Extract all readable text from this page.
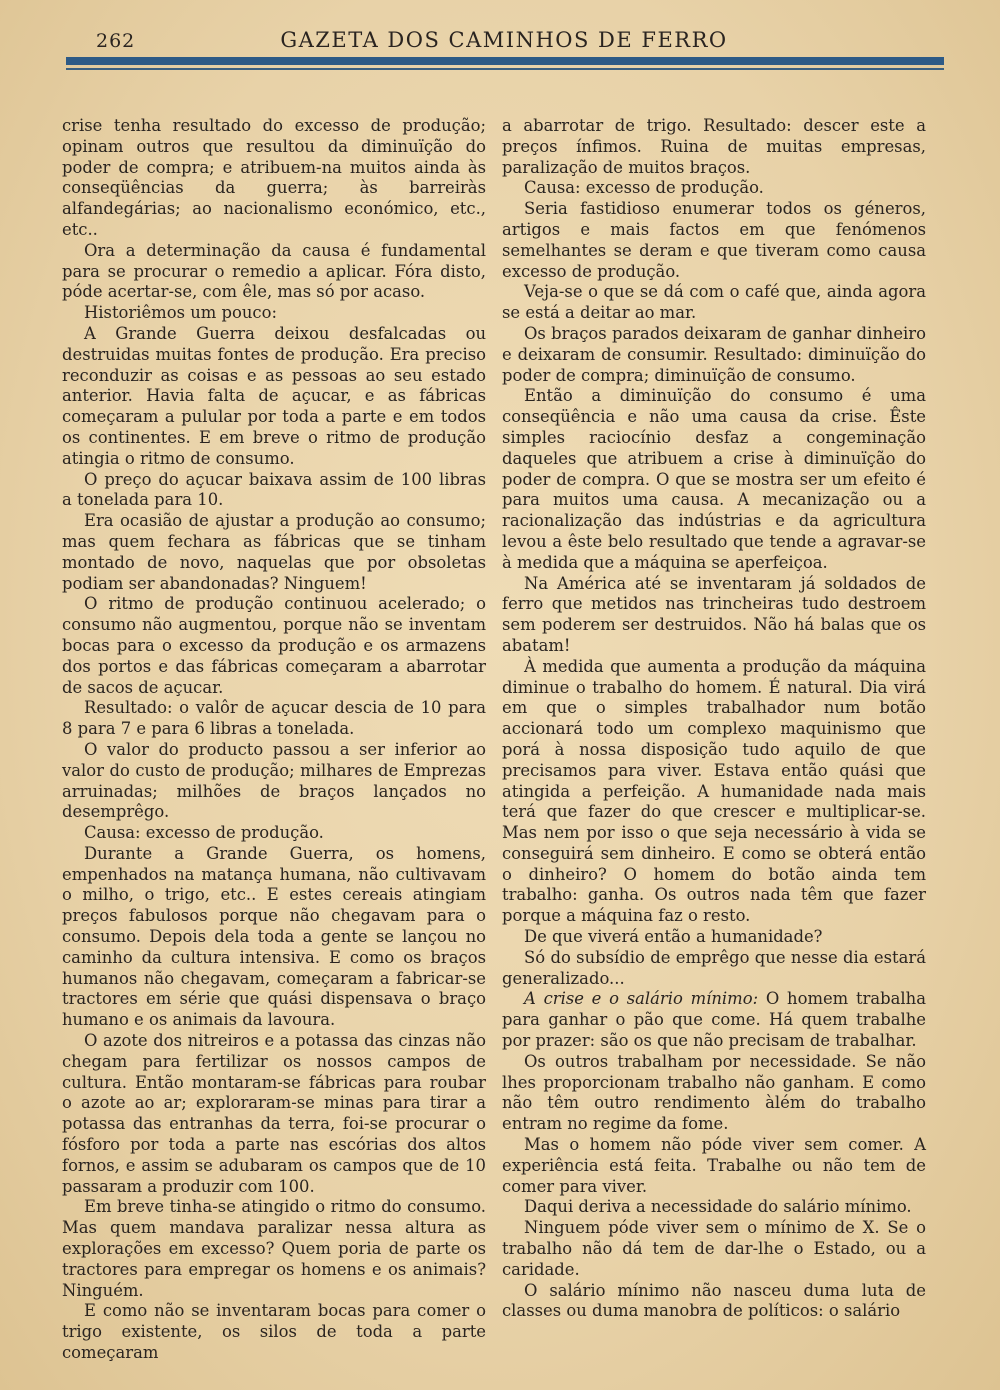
262	GAZETA DOS CAMINHOS DE FERRO

crise tenha resultado do excesso de produção; opinam outros que resultou da diminuïção do poder de compra; e atribuem-na muitos ainda às conseqüências da guerra; às barreiràs alfandegárias; ao nacionalismo económico, etc., etc..

Ora a determinação da causa é fundamental para se procurar o remedio a aplicar. Fóra disto, póde acertar-se, com êle, mas só por acaso.

Historiêmos um pouco:

A Grande Guerra deixou desfalcadas ou destruidas muitas fontes de produção. Era preciso reconduzir as coisas e as pessoas ao seu estado anterior. Havia falta de açucar, e as fábricas começaram a pulular por toda a parte e em todos os continentes. E em breve o ritmo de produção atingia o ritmo de consumo.

O preço do açucar baixava assim de 100 libras a tonelada para 10.

Era ocasião de ajustar a produção ao consumo; mas quem fechara as fábricas que se tinham montado de novo, naquelas que por obsoletas podiam ser abandonadas? Ninguem!

O ritmo de produção continuou acelerado; o consumo não augmentou, porque não se inventam bocas para o excesso da produção e os armazens dos portos e das fábricas começaram a abarrotar de sacos de açucar.

Resultado: o valôr de açucar descia de 10 para 8 para 7 e para 6 libras a tonelada.

O valor do producto passou a ser inferior ao valor do custo de produção; milhares de Emprezas arruinadas; milhões de braços lançados no desemprêgo.

Causa: excesso de produção.

Durante a Grande Guerra, os homens, empenhados na matança humana, não cultivavam o milho, o trigo, etc.. E estes cereais atingiam preços fabulosos porque não chegavam para o consumo. Depois dela toda a gente se lançou no caminho da cultura intensiva. E como os braços humanos não chegavam, começaram a fabricar-se tractores em série que quási dispensava o braço humano e os animais da lavoura.

O azote dos nitreiros e a potassa das cinzas não chegam para fertilizar os nossos campos de cultura. Então montaram-se fábricas para roubar o azote ao ar; exploraram-se minas para tirar a potassa das entranhas da terra, foi-se procurar o fósforo por toda a parte nas escórias dos altos fornos, e assim se adubaram os campos que de 10 passaram a produzir com 100.

Em breve tinha-se atingido o ritmo do consumo. Mas quem mandava paralizar nessa altura as explorações em excesso? Quem poria de parte os tractores para empregar os homens e os animais? Ninguém.

E como não se inventaram bocas para comer o trigo existente, os silos de toda a parte começaram

a abarrotar de trigo. Resultado: descer este a preços ínfimos. Ruina de muitas empresas, paralização de muitos braços.

Causa: excesso de produção.

Seria fastidioso enumerar todos os géneros, artigos e mais factos em que fenómenos semelhantes se deram e que tiveram como causa excesso de produção.

Veja-se o que se dá com o café que, ainda agora se está a deitar ao mar.

Os braços parados deixaram de ganhar dinheiro e deixaram de consumir. Resultado: diminuïção do poder de compra; diminuïção de consumo.

Então a diminuïção do consumo é uma conseqüência e não uma causa da crise. Êste simples raciocínio desfaz a congeminação daqueles que atribuem a crise à diminuïção do poder de compra. O que se mostra ser um efeito é para muitos uma causa. A mecanização ou a racionalização das indústrias e da agricultura levou a êste belo resultado que tende a agravar-se à medida que a máquina se aperfeiçoa.

Na América até se inventaram já soldados de ferro que metidos nas trincheiras tudo destroem sem poderem ser destruidos. Não há balas que os abatam!

À medida que aumenta a produção da máquina diminue o trabalho do homem. É natural. Dia virá em que o simples trabalhador num botão accionará todo um complexo maquinismo que porá à nossa disposição tudo aquilo de que precisamos para viver. Estava então quási que atingida a perfeição. A humanidade nada mais terá que fazer do que crescer e multiplicar-se. Mas nem por isso o que seja necessário à vida se conseguirá sem dinheiro. E como se obterá então o dinheiro? O homem do botão ainda tem trabalho: ganha. Os outros nada têm que fazer porque a máquina faz o resto.

De que viverá então a humanidade?

Só do subsídio de emprêgo que nesse dia estará generalizado...

A crise e o salário mínimo: O homem trabalha para ganhar o pão que come. Há quem trabalhe por prazer: são os que não precisam de trabalhar.

Os outros trabalham por necessidade. Se não lhes proporcionam trabalho não ganham. E como não têm outro rendimento àlém do trabalho entram no regime da fome.

Mas o homem não póde viver sem comer. A experiência está feita. Trabalhe ou não tem de comer para viver.

Daqui deriva a necessidade do salário mínimo.

Ninguem póde viver sem o mínimo de X. Se o trabalho não dá tem de dar-lhe o Estado, ou a caridade.

O salário mínimo não nasceu duma luta de classes ou duma manobra de políticos: o salário
